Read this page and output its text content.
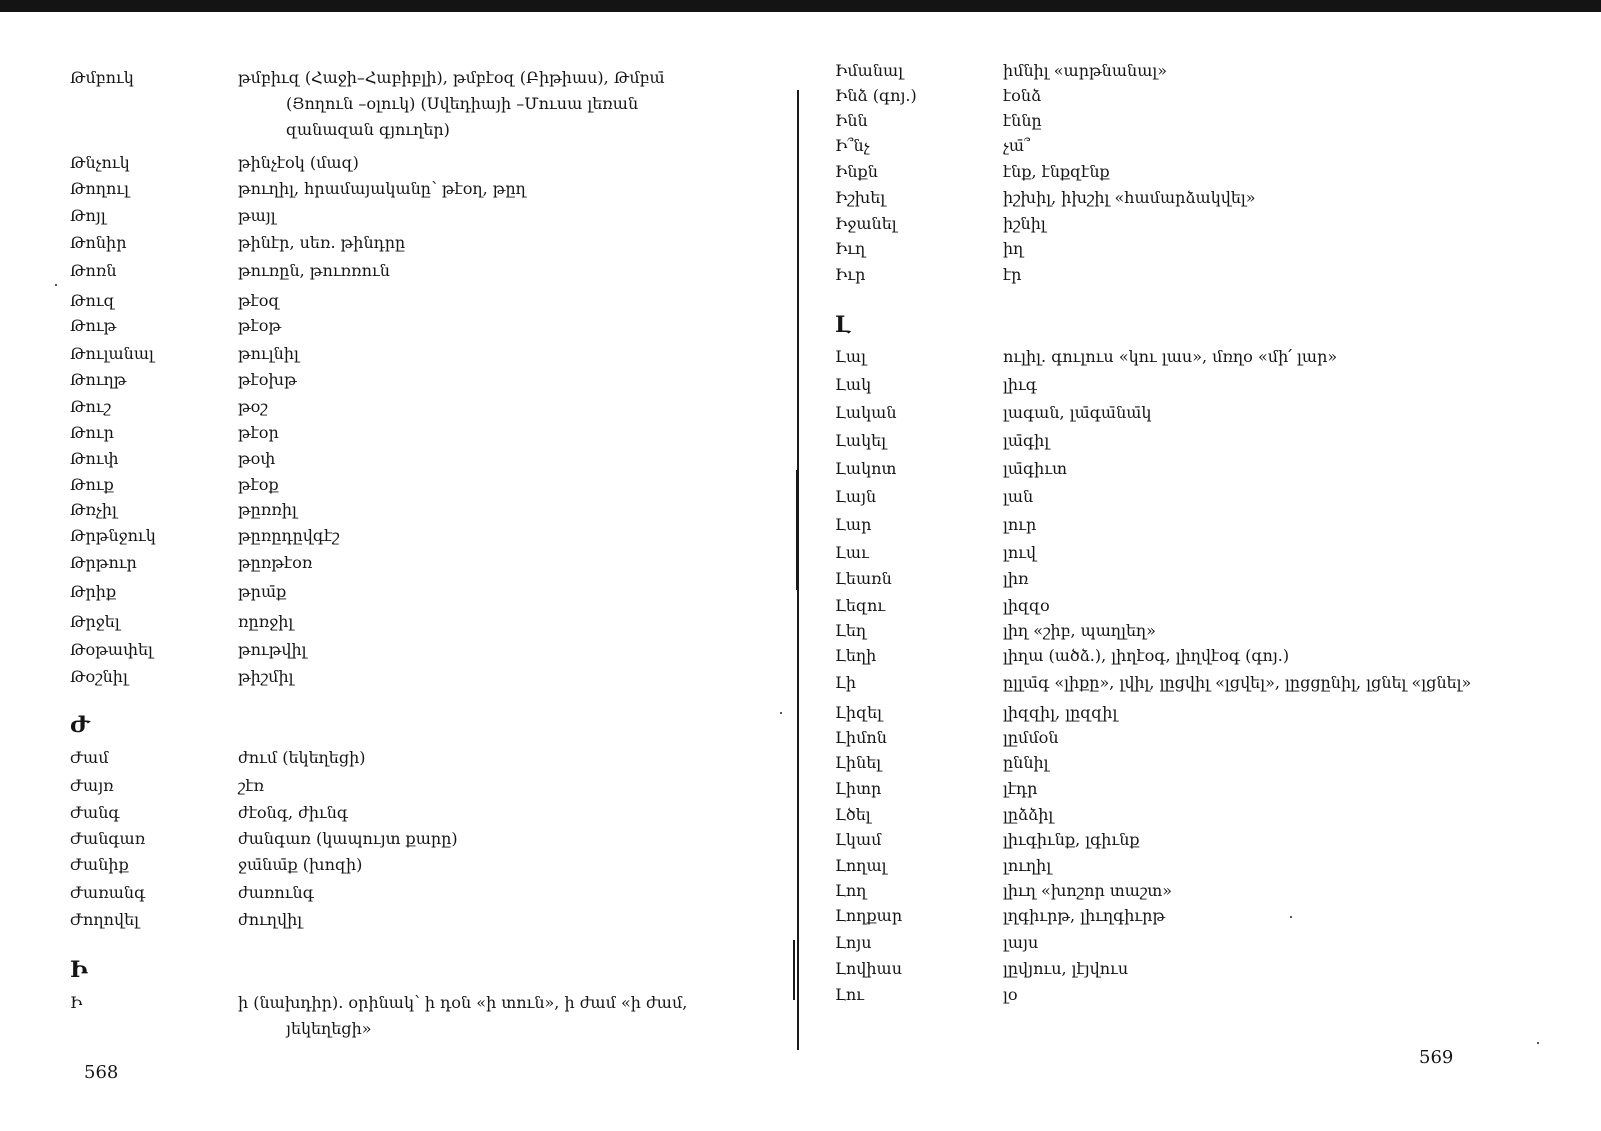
Թմբուկ	թմբիւզ (Հաջի–Հաբիբլի), թմբէօզ (Բիթիաս), Թմբա̄
(Յողուն –օլուկ) (Սվեդիայի –Մուսա լեռան
զանազան գյուղեր)
Թնչուկ	թինչէօկ (մազ)
Թողուլ	թուղիլ, հրամայականը՝ թէօղ, թըղ
Թոյլ	թայլ
Թոնիր	թինէր, սեռ. թինդրը
Թոռն	թուռըն, թուռռուն
Թուզ	թէօզ
Թութ	թէօթ
Թուլանալ	թուլնիլ
Թուղթ	թէօխթ
Թուշ	թօշ
Թուր	թէօր
Թուփ	թօփ
Թուք	թէօք
Թռչիլ	թըռռիլ
Թրթնջուկ	թըռըդըվգէշ
Թրթուր	թըռթէօռ
Թրիք	թրա̄ք
Թրջել	ռըռջիլ
Թօթափել	թութվիլ
Թօշնիլ	թիշմիլ
Ժ
Ժամ	ժում (եկեղեցի)
Ժայռ	շէռ
Ժանգ	ժէօնգ, ժիւնգ
Ժանգառ	ժանգառ (կապույտ քարը)
Ժանիք	ջա̄նա̄ք (խոզի)
Ժառանգ	ժառունգ
Ժողովել	ժուղվիլ
Ի
Ի	ի (նախդիր). օրինակ՝ ի դօն «ի տուն», ի ժամ «ի ժամ,
յեկեղեցի»
Իմանալ	իմնիլ «արթնանալ»
Ինձ (գոյ.)	էօնձ
Ինն	էննը
Ի՞նչ	չա̄՞
Ինքն	էնք, էնքզէնք
Իշխել	իշխիլ, իխշիլ «համարձակվել»
Իջանել	իշնիլ
Իւղ	իղ
Իւր	էր
Լ
Լալ	ուլիլ. գուլուս «կու լաս», մռղօ «մի՛ լար»
Լակ	լիւգ
Լական	լագան, լա̄գա̄նա̄կ
Լակել	լա̄գիլ
Լակոտ	լա̄գիւտ
Լայն	լան
Լար	լուր
Լաւ	լուվ
Լեառն	լիռ
Լեզու	լիզզօ
Լեղ	լիղ «շիբ, պաղլեղ»
Լեղի	լիղա (ածձ.), լիղէօգ, լիղվէօգ (գոյ.)
Լի	ըլլա̄գ «լիքը», լվիլ, լըցվիլ «լցվել», լըցցընիլ, լցնել «լցնել»
Լիզել	լիզզիլ, լըզզիլ
Լիմոն	լըմմօն
Լինել	ըննիլ
Լիտր	լէդր
Լծել	լըձձիլ
Լկամ	լիւգիւնք, լգիւնք
Լողալ	լուղիլ
Լող	լիւղ «խոշոր տաշտ»
Լողքար	լղգիւրթ, լիւղգիւրթ
Լոյս	լայս
Լովիաս	լըվյուս, լէյվուս
Լու	լօ
568
569
